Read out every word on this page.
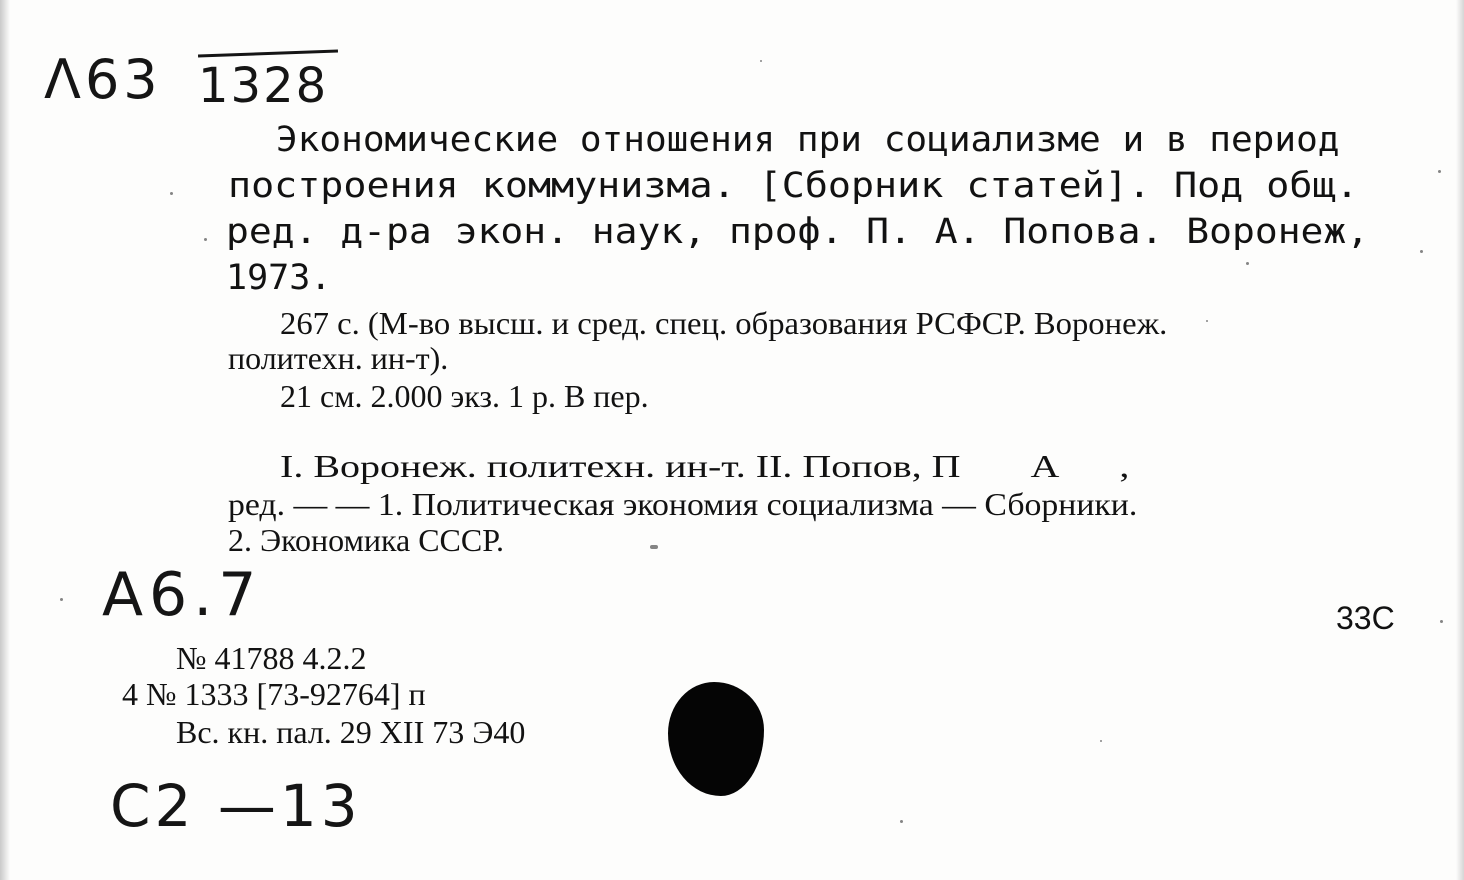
Λ63 1328
Экономические отношения при социализме и в период
построения коммунизма. [Сборник статей]. Под общ.
ред. д-ра экон. наук, проф. П. А. Попова. Воронеж,
1973.
267 с. (М-во высш. и сред. спец. образования РСФСР. Воронеж.
политехн. ин-т).
21 см. 2.000 экз. 1 р. В пер.
I. Воронеж. политехн. ин-т. II. Попов, П       А      ,
ред. — — 1. Политическая экономия социализма — Сборники.
2. Экономика СССР.
А6.7	33С
№ 41788 4.2.2
4 № 1333 [73-92764] п
Вс. кн. пал. 29 XII 73 Э40
С2 —13
